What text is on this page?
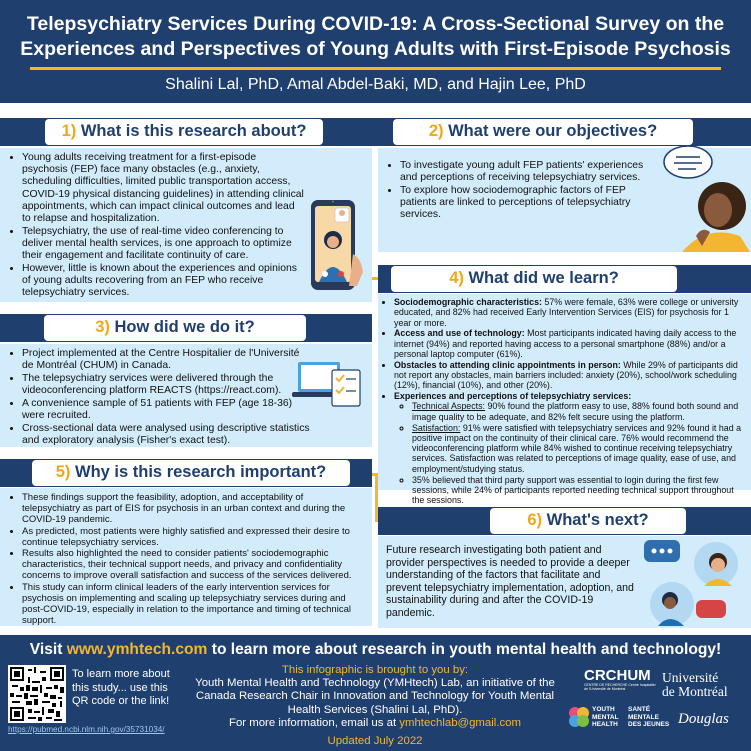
Telepsychiatry Services During COVID-19: A Cross-Sectional Survey on the
Experiences and Perspectives of Young Adults with First-Episode Psychosis
Shalini Lal, PhD, Amal Abdel-Baki, MD, and Hajin Lee, PhD
1) What is this research about?
• Young adults receiving treatment for a first-episode psychosis (FEP) face many obstacles (e.g., anxiety, scheduling difficulties, limited public transportation access, COVID-19 physical distancing guidelines) in attending clinical appointments, which can impact clinical outcomes and lead to relapse and hospitalization.
• Telepsychiatry, the use of real-time video conferencing to deliver mental health services, is one approach to optimize their engagement and facilitate continuity of care.
• However, little is known about the experiences and opinions of young adults recovering from an FEP who receive telepsychiatry services.
2) What were our objectives?
• To investigate young adult FEP patients' experiences and perceptions of receiving telepsychiatry services.
• To explore how sociodemographic factors of FEP patients are linked to perceptions of telepsychiatry services.
3) How did we do it?
• Project implemented at the Centre Hospitalier de l'Université de Montréal (CHUM) in Canada.
• The telepsychiatry services were delivered through the videoconferencing platform REACTS (https://react.com).
• A convenience sample of 51 patients with FEP (age 18-36) were recruited.
• Cross-sectional data were analysed using descriptive statistics and exploratory analysis (Fisher's exact test).
4) What did we learn?
• Sociodemographic characteristics: 57% were female, 63% were college or university educated, and 82% had received Early Intervention Services (EIS) for psychosis for 1 year or more.
• Access and use of technology: Most participants indicated having daily access to the internet (94%) and reported having access to a personal smartphone (88%) and/or a personal laptop computer (61%).
• Obstacles to attending clinic appointments in person: While 29% of participants did not report any obstacles, main barriers included: anxiety (20%), school/work scheduling (12%), financial (10%), and other (20%).
• Experiences and perceptions of telepsychiatry services:
◦ Technical Aspects: 90% found the platform easy to use, 88% found both sound and image quality to be adequate, and 82% felt secure using the platform.
◦ Satisfaction: 91% were satisfied with telepsychiatry services and 92% found it had a positive impact on the continuity of their clinical care. 76% would recommend the videoconferencing platform while 84% wished to continue receiving telepsychiatry services. Satisfaction was related to perceptions of image quality, ease of use, and employment/studying status.
◦ 35% believed that third party support was essential to login during the first few sessions, while 24% of participants reported needing technical support throughout the sessions.
5) Why is this research important?
• These findings support the feasibility, adoption, and acceptability of telepsychiatry as part of EIS for psychosis in an urban context and during the COVID-19 pandemic.
• As predicted, most patients were highly satisfied and expressed their desire to continue telepsychiatry services.
• Results also highlighted the need to consider patients' sociodemographic characteristics, their technical support needs, and privacy and confidentiality concerns to improve overall satisfaction and success of the services delivered.
• This study can inform clinical leaders of the early intervention services for psychosis on implementing and scaling up telepsychiatry services during and post-COVID-19, especially in relation to the importance and timing of technical support.
6) What's next?
Future research investigating both patient and provider perspectives is needed to provide a deeper understanding of the factors that facilitate and prevent telepsychiatry implementation, adoption, and sustainability during and after the COVID-19 pandemic.
Visit www.ymhtech.com to learn more about research in youth mental health and technology!
To learn more about this study... use this QR code or the link!
https://pubmed.ncbi.nlm.nih.gov/35731034/
This infographic is brought to you by:
Youth Mental Health and Technology (YMHtech) Lab, an initiative of the Canada Research Chair in Innovation and Technology for Youth Mental Health Services (Shalini Lal, PhD).
For more information, email us at ymhtechlab@gmail.com
Updated July 2022
CRCHUM
CENTRE DE RECHERCHE Centre hospitalier de l'Université de Montréal
Université
de Montréal
YOUTH MENTAL HEALTH
SANTÉ MENTALE DES JEUNES Douglas
